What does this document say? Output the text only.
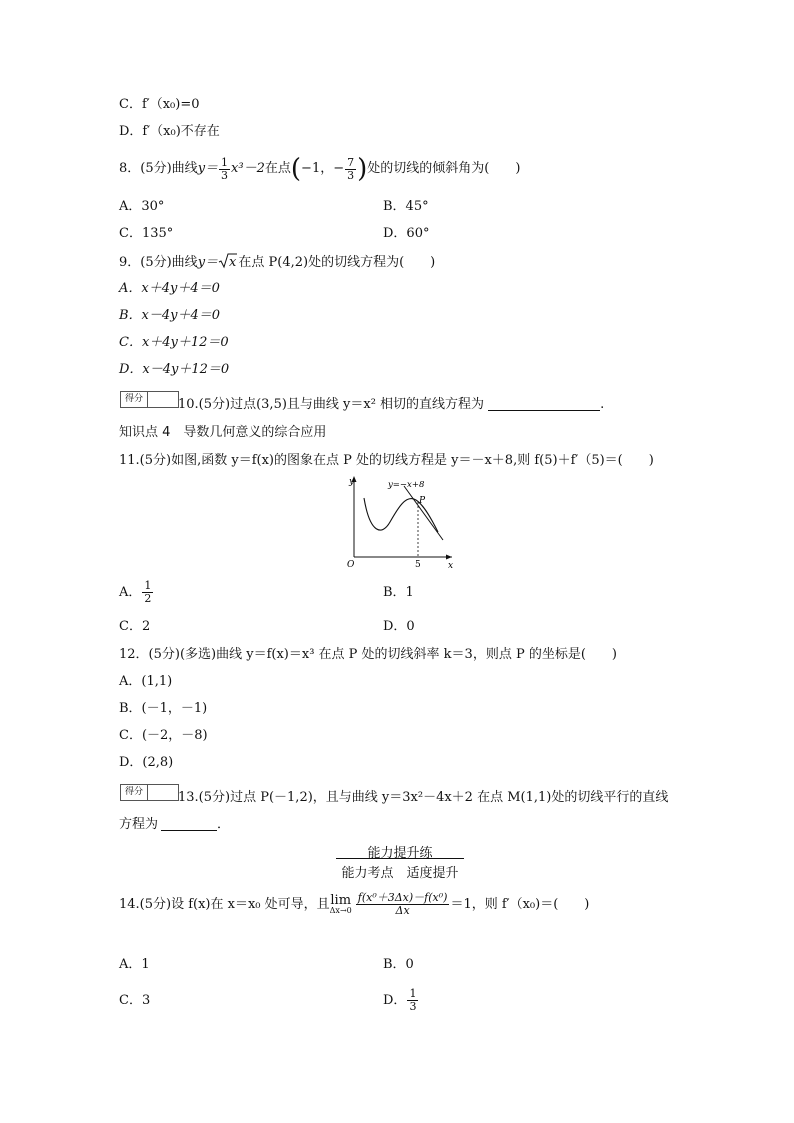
C．f′（x₀)=0
D．f′（x₀)不存在
8．(5分)曲线 $y= \frac{1}{3} x^3-2$ 在点 ( −1，− $\frac{7}{3}$ ) 处的切线的倾斜角为(　　)
A．30°	B．45°
C．135°	D．60°
9．(5分)曲线 y＝ x 在点 P(4,2)处的切线方程为(　　)
A．x＋4y＋4＝0
B．x－4y＋4＝0
C．x＋4y＋12＝0
D．x－4y＋12＝0
得分	10.(5分)过点(3,5)且与曲线 y＝x² 相切的直线方程为	.
知识点 4　导数几何意义的综合应用
11.(5分)如图,函数 y＝f(x)的图象在点 P 处的切线方程是 y＝－x＋8,则 f(5)＋f′（5)＝(　　)
y
x
O	5
y=−x+8
P
A． $\frac{1}{2}$	B．1
C．2	D．0
12．(5分)(多选)曲线 y＝f(x)＝x³ 在点 P 处的切线斜率 k＝3，则点 P 的坐标是(　　)
A．(1,1)
B．(－1，－1)
C．(－2，－8)
D．(2,8)
得分	13.(5分)过点 P(－1,2)，且与曲线 y＝3x²－4x＋2 在点 M(1,1)处的切线平行的直线
方程为	．
能力提升练
能力考点　适度提升
14.(5分)设 f(x)在 x＝x₀ 处可导，且 lim
$\Delta x\to 0 \frac{\text{f(x⁰＋3Δx)－f(x⁰)}}{\Delta x} =1$，则 f′（x₀)＝(　　)
A．1	B．0
C．3	D． $\frac{1}{3}$
